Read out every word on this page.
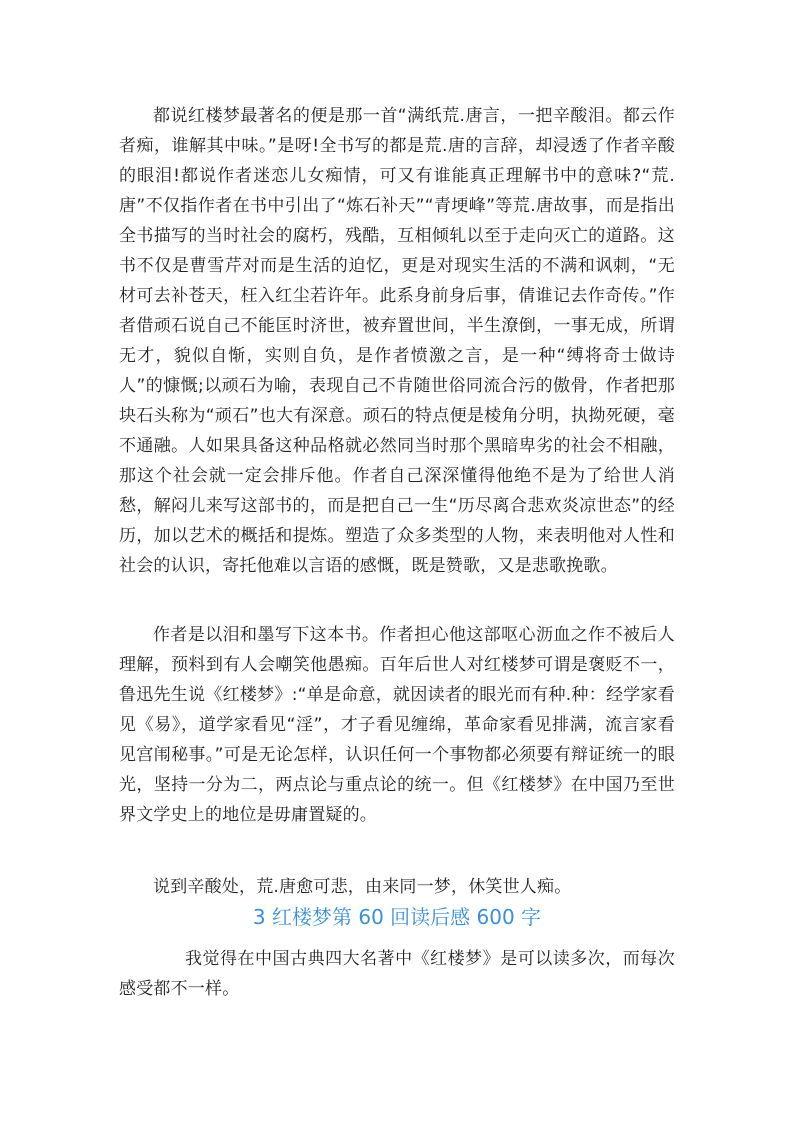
都说红楼梦最著名的便是那一首“满纸荒.唐言，一把辛酸泪。都云作者痴，谁解其中味。”是呀!全书写的都是荒.唐的言辞，却浸透了作者辛酸的眼泪!都说作者迷恋儿女痴情，可又有谁能真正理解书中的意味?“荒.唐”不仅指作者在书中引出了“炼石补天”“青埂峰”等荒.唐故事，而是指出全书描写的当时社会的腐朽，残酷，互相倾轧以至于走向灭亡的道路。这书不仅是曹雪芹对而是生活的迫忆，更是对现实生活的不满和讽刺，“无材可去补苍天，枉入红尘若许年。此系身前身后事，倩谁记去作奇传。”作者借顽石说自己不能匡时济世，被弃置世间，半生潦倒，一事无成，所谓无才，貌似自惭，实则自负，是作者愤激之言，是一种“缚将奇士做诗人”的慷慨;以顽石为喻，表现自己不肯随世俗同流合污的傲骨，作者把那块石头称为“顽石”也大有深意。顽石的特点便是棱角分明，执拗死硬，毫不通融。人如果具备这种品格就必然同当时那个黑暗卑劣的社会不相融，那这个社会就一定会排斥他。作者自己深深懂得他绝不是为了给世人消愁，解闷儿来写这部书的，而是把自己一生“历尽离合悲欢炎凉世态”的经历，加以艺术的概括和提炼。塑造了众多类型的人物，来表明他对人性和社会的认识，寄托他难以言语的感慨，既是赞歌，又是悲歌挽歌。

作者是以泪和墨写下这本书。作者担心他这部呕心沥血之作不被后人理解，预料到有人会嘲笑他愚痴。百年后世人对红楼梦可谓是褒贬不一，鲁迅先生说《红楼梦》:“单是命意，就因读者的眼光而有种.种：经学家看见《易》，道学家看见“淫”，才子看见缠绵，革命家看见排满，流言家看见宫闱秘事。”可是无论怎样，认识任何一个事物都必须要有辩证统一的眼光，坚持一分为二，两点论与重点论的统一。但《红楼梦》在中国乃至世界文学史上的地位是毋庸置疑的。

说到辛酸处，荒.唐愈可悲，由来同一梦，休笑世人痴。

3 红楼梦第 60 回读后感 600 字

我觉得在中国古典四大名著中《红楼梦》是可以读多次，而每次感受都不一样。
